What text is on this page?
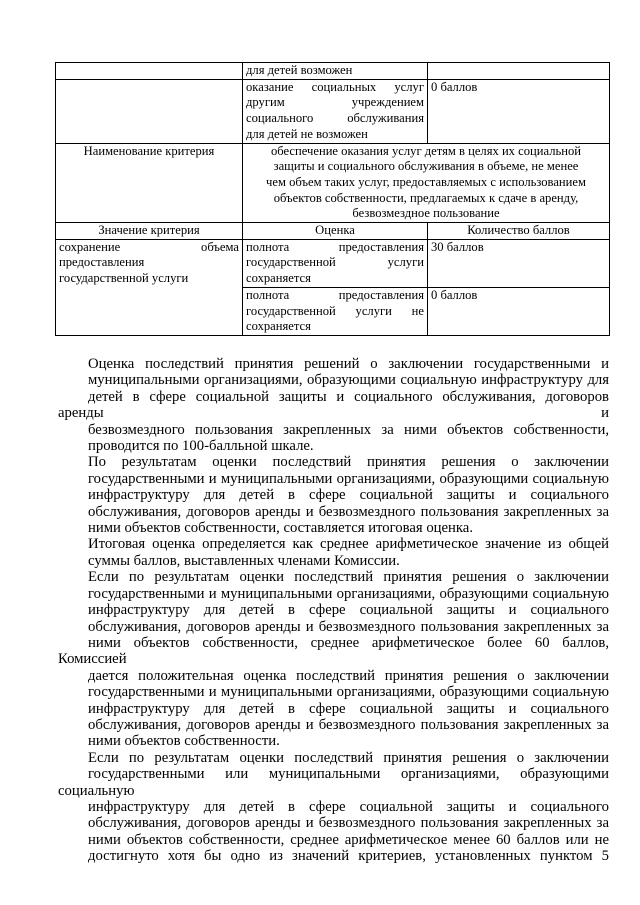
	для детей возможен	

	оказание социальных услуг
другим учреждением
социального обслуживания
для детей не возможен	0 баллов

Наименование критерия	обеспечение оказания услуг детям в целях их социальной
защиты и социального обслуживания в объеме, не менее
чем объем таких услуг, предоставляемых с использованием
объектов собственности, предлагаемых к сдаче в аренду,
безвозмездное пользование	

Значение критерия	Оценка	Количество баллов

сохранение объема
предоставления
государственной услуги	полнота предоставления
государственной услуги
сохраняется	30 баллов

	полнота предоставления
государственной услуги не
сохраняется	0 баллов

Оценка последствий принятия решений о заключении государственными и
муниципальными организациями, образующими социальную инфраструктуру для
детей в сфере социальной защиты и социального обслуживания, договоров аренды и
безвозмездного пользования закрепленных за ними объектов собственности,
проводится по 100-балльной шкале.

По результатам оценки последствий принятия решения о заключении
государственными и муниципальными организациями, образующими социальную
инфраструктуру для детей в сфере социальной защиты и социального
обслуживания, договоров аренды и безвозмездного пользования закрепленных за
ними объектов собственности, составляется итоговая оценка.

Итоговая оценка определяется как среднее арифметическое значение из общей
суммы баллов, выставленных членами Комиссии.

Если по результатам оценки последствий принятия решения о заключении
государственными и муниципальными организациями, образующими социальную
инфраструктуру для детей в сфере социальной защиты и социального
обслуживания, договоров аренды и безвозмездного пользования закрепленных за
ними объектов собственности, среднее арифметическое более 60 баллов, Комиссией
дается положительная оценка последствий принятия решения о заключении
государственными и муниципальными организациями, образующими социальную
инфраструктуру для детей в сфере социальной защиты и социального
обслуживания, договоров аренды и безвозмездного пользования закрепленных за
ними объектов собственности.

Если по результатам оценки последствий принятия решения о заключении
государственными или муниципальными организациями, образующими социальную
инфраструктуру для детей в сфере социальной защиты и социального
обслуживания, договоров аренды и безвозмездного пользования закрепленных за
ними объектов собственности, среднее арифметическое менее 60 баллов или не
достигнуто хотя бы одно из значений критериев, установленных пунктом 5
